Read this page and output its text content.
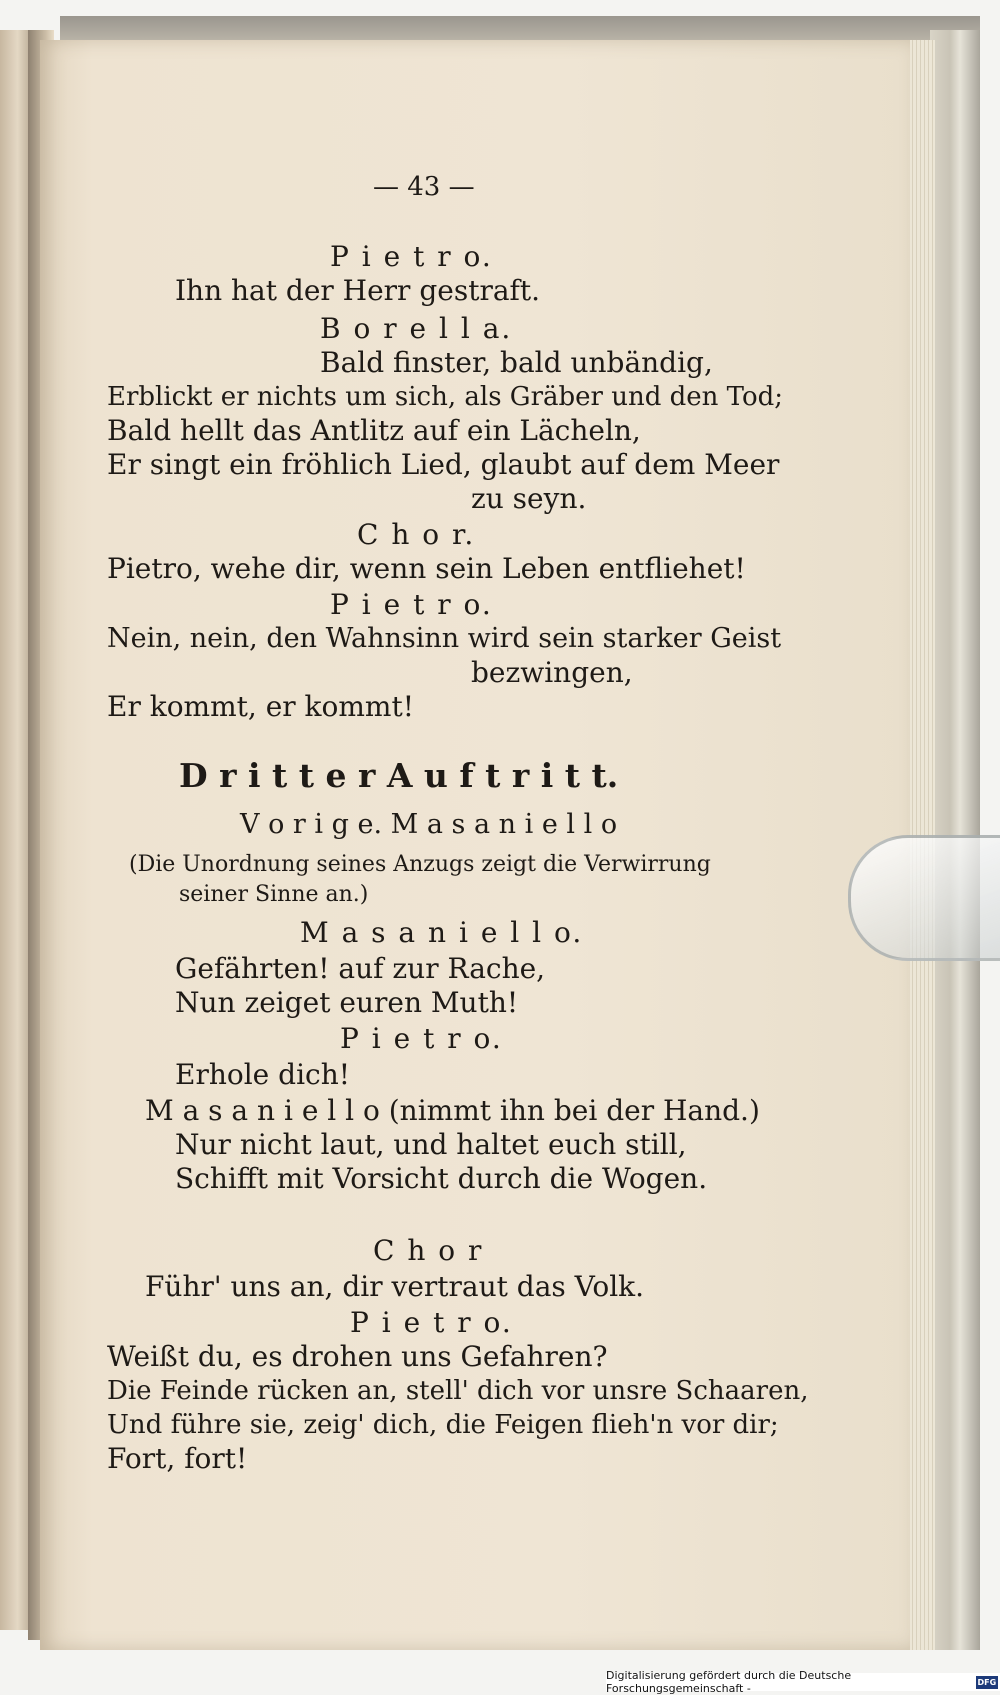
— 43 —
P i e t r o.
Ihn hat der Herr gestraft.
B o r e l l a.
Bald finster, bald unbändig,
Erblickt er nichts um sich, als Gräber und den Tod;
Bald hellt das Antlitz auf ein Lächeln,
Er singt ein fröhlich Lied, glaubt auf dem Meer
zu seyn.
C h o r.
Pietro, wehe dir, wenn sein Leben entfliehet!
P i e t r o.
Nein, nein, den Wahnsinn wird sein starker Geist
bezwingen,
Er kommt, er kommt!
D r i t t e r A u f t r i t t.
V o r i g e. M a s a n i e l l o
(Die Unordnung seines Anzugs zeigt die Verwirrung
seiner Sinne an.)
M a s a n i e l l o.
Gefährten! auf zur Rache,
Nun zeiget euren Muth!
P i e t r o.
Erhole dich!
M a s a n i e l l o (nimmt ihn bei der Hand.)
Nur nicht laut, und haltet euch still,
Schifft mit Vorsicht durch die Wogen.
C h o r
Führ' uns an, dir vertraut das Volk.
P i e t r o.
Weißt du, es drohen uns Gefahren?
Die Feinde rücken an, stell' dich vor unsre Schaaren,
Und führe sie, zeig' dich, die Feigen flieh'n vor dir;
Fort, fort!
Digitalisierung gefördert durch die Deutsche Forschungsgemeinschaft -	DFG
